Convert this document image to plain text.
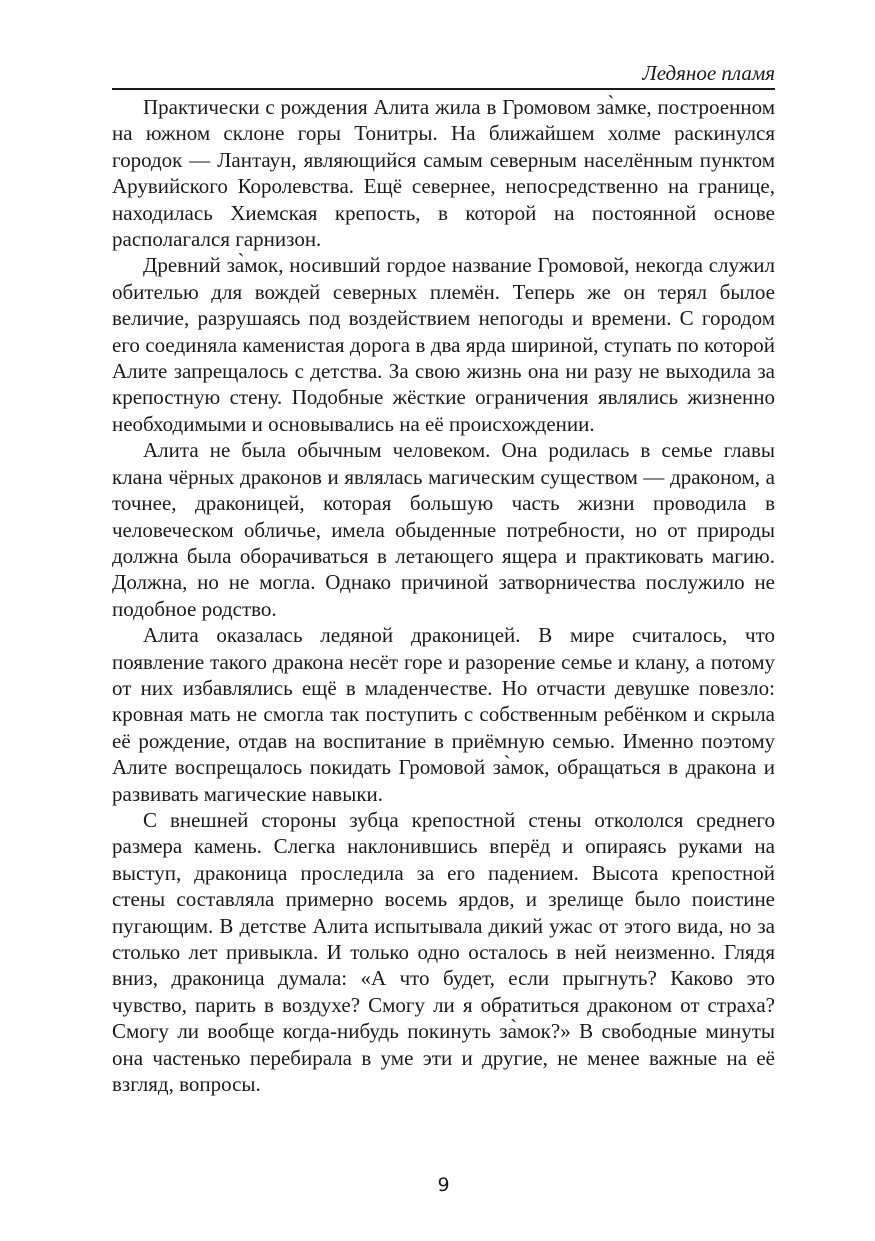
Ледяное пламя

Практически с рождения Алита жила в Громовом за̀мке, построенном на южном склоне горы Тонитры. На ближайшем холме раскинулся городок — Лантаун, являющийся самым северным населённым пунктом Арувийского Королевства. Ещё севернее, непосредственно на границе, находилась Хиемская крепость, в которой на постоянной основе располагался гарнизон.

Древний за̀мок, носивший гордое название Громовой, некогда служил обителью для вождей северных племён. Теперь же он терял былое величие, разрушаясь под воздействием непогоды и времени. С городом его соединяла каменистая дорога в два ярда шириной, ступать по которой Алите запрещалось с детства. За свою жизнь она ни разу не выходила за крепостную стену. Подобные жёсткие ограничения являлись жизненно необходимыми и основывались на её происхождении.

Алита не была обычным человеком. Она родилась в семье главы клана чёрных драконов и являлась магическим существом — драконом, а точнее, драконицей, которая большую часть жизни проводила в человеческом обличье, имела обыденные потребности, но от природы должна была оборачиваться в летающего ящера и практиковать магию. Должна, но не могла. Однако причиной затворничества послужило не подобное родство.

Алита оказалась ледяной драконицей. В мире считалось, что появление такого дракона несёт горе и разорение семье и клану, а потому от них избавлялись ещё в младенчестве. Но отчасти девушке повезло: кровная мать не смогла так поступить с собственным ребёнком и скрыла её рождение, отдав на воспитание в приёмную семью. Именно поэтому Алите воспрещалось покидать Громовой за̀мок, обращаться в дракона и развивать магические навыки.

С внешней стороны зубца крепостной стены откололся среднего размера камень. Слегка наклонившись вперёд и опираясь руками на выступ, драконица проследила за его падением. Высота крепостной стены составляла примерно восемь ярдов, и зрелище было поистине пугающим. В детстве Алита испытывала дикий ужас от этого вида, но за столько лет привыкла. И только одно осталось в ней неизменно. Глядя вниз, драконица думала: «А что будет, если прыгнуть? Каково это чувство, парить в воздухе? Смогу ли я обратиться драконом от страха? Смогу ли вообще когда-нибудь покинуть за̀мок?» В свободные минуты она частенько перебирала в уме эти и другие, не менее важные на её взгляд, вопросы.

9
